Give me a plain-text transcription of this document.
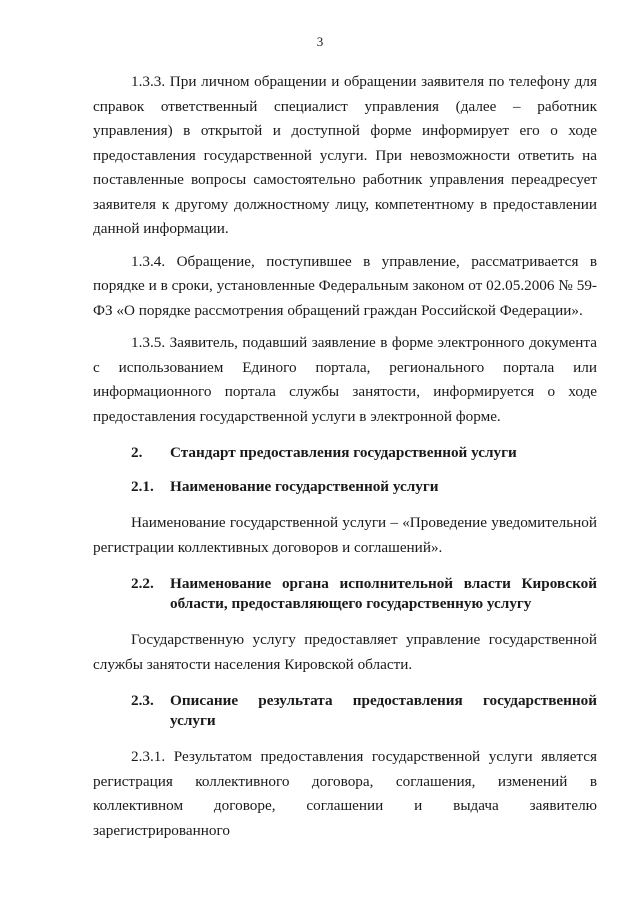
3

1.3.3. При личном обращении и обращении заявителя по телефону для справок ответственный специалист управления (далее – работник управления) в открытой и доступной форме информирует его о ходе предоставления государственной услуги. При невозможности ответить на поставленные вопросы самостоятельно работник управления переадресует заявителя к другому должностному лицу, компетентному в предоставлении данной информации.

1.3.4. Обращение, поступившее в управление, рассматривается в порядке и в сроки, установленные Федеральным законом от 02.05.2006 № 59-ФЗ «О порядке рассмотрения обращений граждан Российской Федерации».

1.3.5. Заявитель, подавший заявление в форме электронного документа с использованием Единого портала, регионального портала или информационного портала службы занятости, информируется о ходе предоставления государственной услуги в электронной форме.

2.	Стандарт предоставления государственной услуги
2.1.	Наименование государственной услуги

Наименование государственной услуги – «Проведение уведомительной регистрации коллективных договоров и соглашений».

2.2.	Наименование органа исполнительной власти Кировской области, предоставляющего государственную услугу

Государственную услугу предоставляет управление государственной службы занятости населения Кировской области.

2.3.	Описание результата предоставления государственной услуги

2.3.1. Результатом предоставления государственной услуги является регистрация коллективного договора, соглашения, изменений в коллективном договоре, соглашении и выдача заявителю зарегистрированного
